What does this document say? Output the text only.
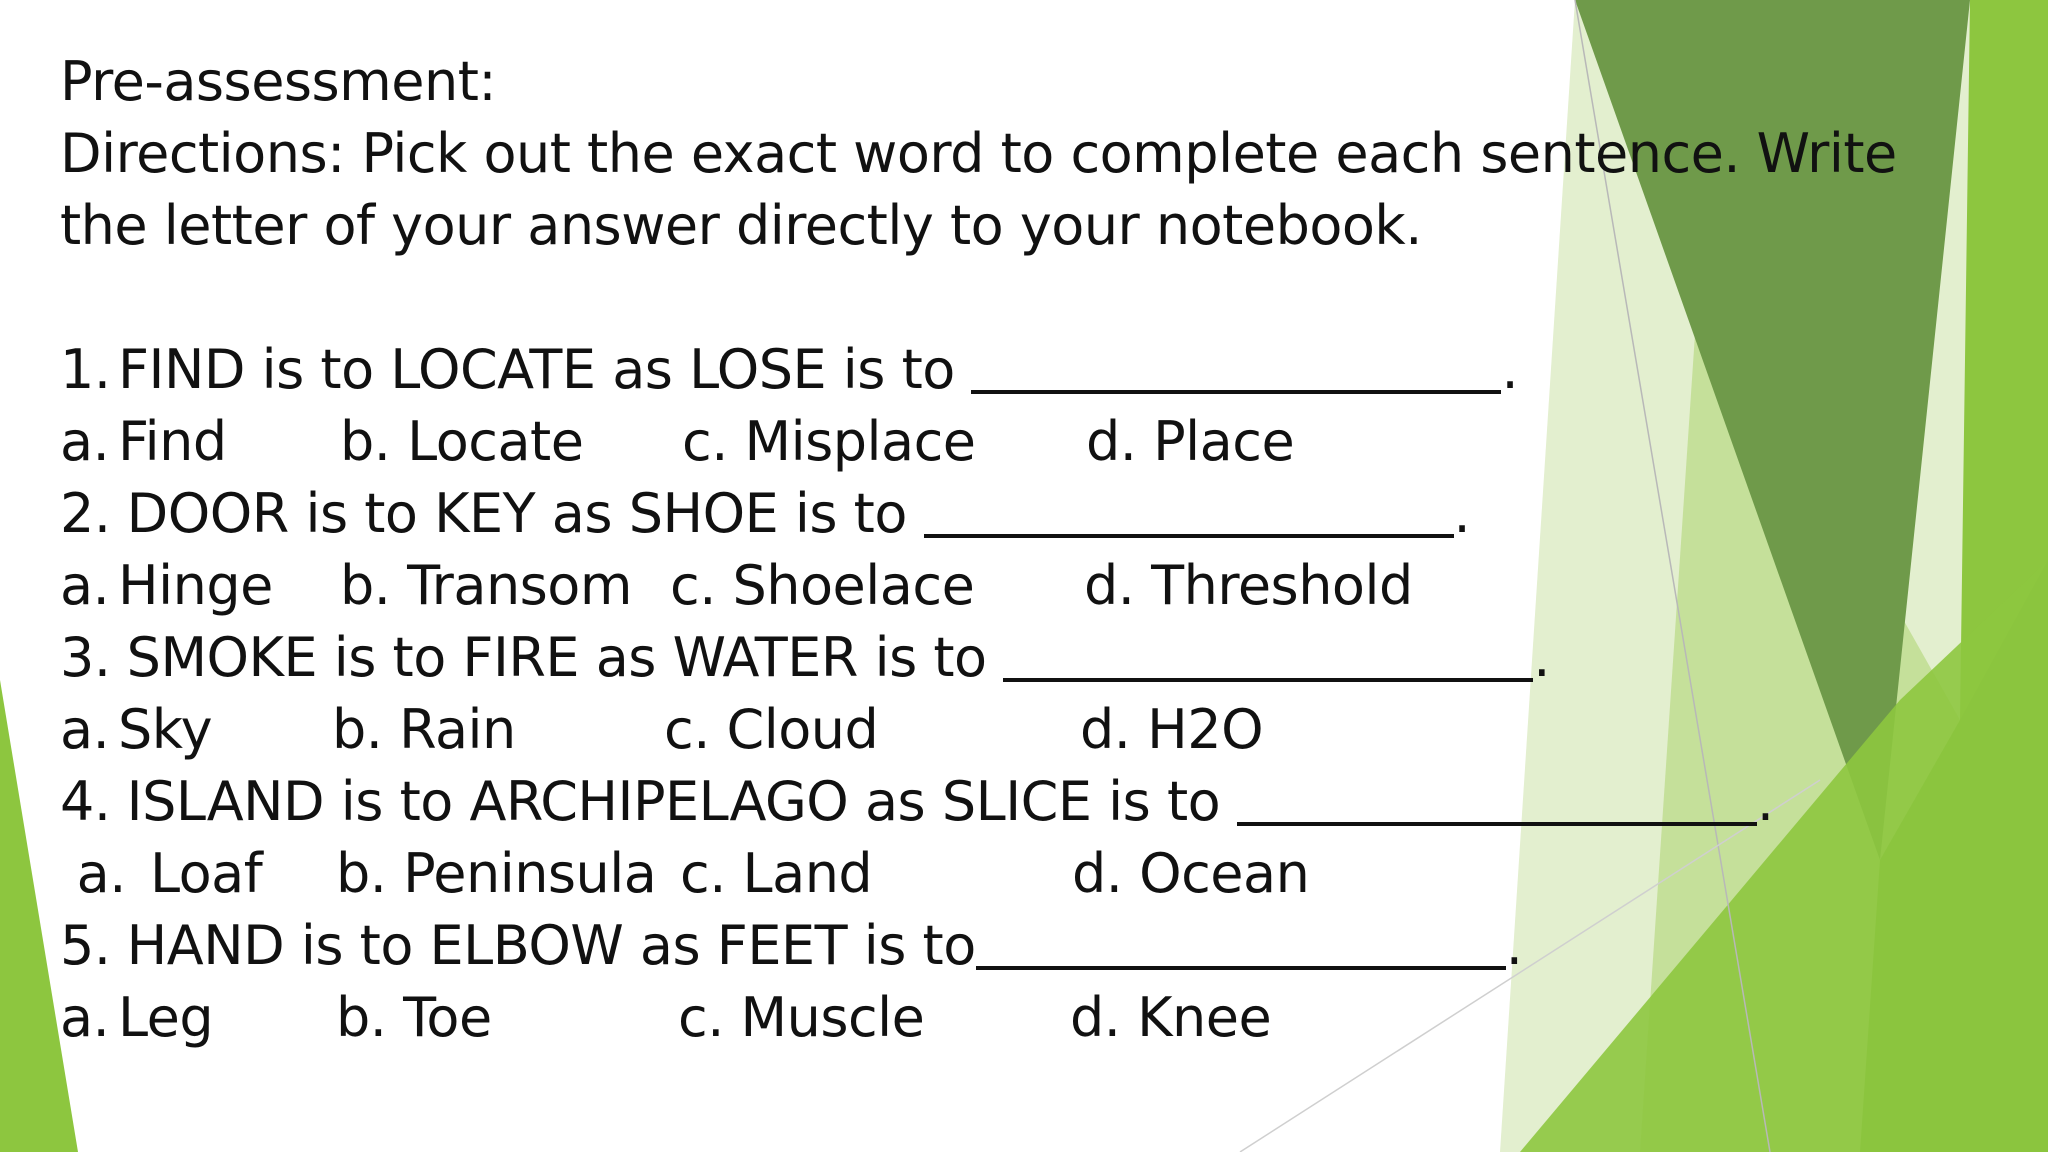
Pre-assessment:
Directions: Pick out the exact word to complete each sentence. Write
the letter of your answer directly to your notebook.

1.

FIND is to LOCATE as LOSE is to	.

a.

Find

b. Locate

c. Misplace

d. Place

2.

DOOR is to KEY as SHOE is to	.

a.

Hinge

b. Transom

c. Shoelace

d. Threshold

3.

SMOKE is to FIRE as WATER is to	.

a.

Sky

b. Rain

	c. Cloud

	d. H2O

4.

ISLAND is to ARCHIPELAGO as SLICE is to	.

a.

Loaf

b. Peninsula

c. Land

	d. Ocean

5.

HAND is to ELBOW as FEET is to	.

a.

Leg

b. Toe

	c. Muscle

	d. Knee
